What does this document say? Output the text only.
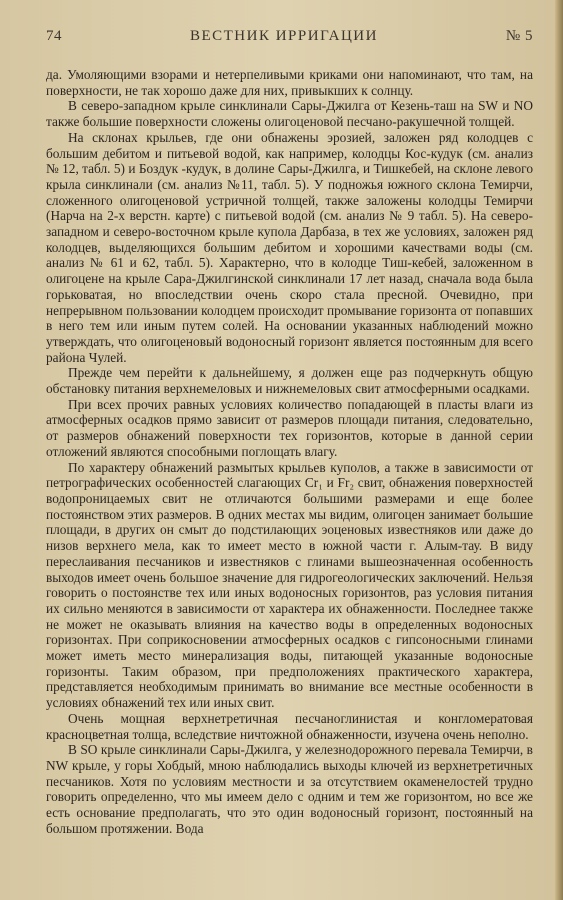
74	ВЕСТНИК ИРРИГАЦИИ	№ 5

да. Умоляющими взорами и нетерпеливыми криками они напоминают, что там, на поверхности, не так хорошо даже для них, привыкших к солнцу.

В северо-западном крыле синклинали Сары-Джилга от Кезень-таш на SW и NO также большие поверхности сложены олигоценовой песчано-ракушечной толщей.

На склонах крыльев, где они обнажены эрозией, заложен ряд колодцев с большим дебитом и питьевой водой, как например, колодцы Кос-кудук (см. анализ № 12, табл. 5) и Боздук -кудук, в долине Сары-Джилга, и Тишкебей, на склоне левого крыла синклинали (см. анализ №11, табл. 5). У подножья южного склона Темирчи, сложенного олигоценовой устричной толщей, также заложены колодцы Темирчи (Нарча на 2-х верстн. карте) с питьевой водой (см. анализ № 9 табл. 5). На северо-западном и северо-восточном крыле купола Дарбаза, в тех же условиях, заложен ряд колодцев, выделяющихся большим дебитом и хорошими качествами воды (см. анализ № 61 и 62, табл. 5). Характерно, что в колодце Тиш-кебей, заложенном в олигоцене на крыле Сара-Джилгинской синклинали 17 лет назад, сначала вода была горьковатая, но впоследствии очень скоро стала пресной. Очевидно, при непрерывном пользовании колодцем происходит промывание горизонта от попавших в него тем или иным путем солей. На основании указанных наблюдений можно утверждать, что олигоценовый водоносный горизонт является постоянным для всего района Чулей.

Прежде чем перейти к дальнейшему, я должен еще раз подчеркнуть общую обстановку питания верхнемеловых и нижнемеловых свит атмосферными осадками.

При всех прочих равных условиях количество попадающей в пласты влаги из атмосферных осадков прямо зависит от размеров площади питания, следовательно, от размеров обнажений поверхности тех горизонтов, которые в данной серии отложений являются способными поглощать влагу.

По характеру обнажений размытых крыльев куполов, а также в зависимости от петрографических особенностей слагающих Cr₁ и Fr₂ свит, обнажения поверхностей водопроницаемых свит не отличаются большими размерами и еще более постоянством этих размеров. В одних местах мы видим, олигоцен занимает большие площади, в других он смыт до подстилающих эоценовых известняков или даже до низов верхнего мела, как то имеет место в южной части г. Алым-тау. В виду переслаивания песчаников и известняков с глинами вышеозначенная особенность выходов имеет очень большое значение для гидрогеологических заключений. Нельзя говорить о постоянстве тех или иных водоносных горизонтов, раз условия питания их сильно меняются в зависимости от характера их обнаженности. Последнее также не может не оказывать влияния на качество воды в определенных водоносных горизонтах. При соприкосновении атмосферных осадков с гипсоносными глинами может иметь место минерализация воды, питающей указанные водоносные горизонты. Таким образом, при предположениях практического характера, представляется необходимым принимать во внимание все местные особенности в условиях обнажений тех или иных свит.

Очень мощная верхнетретичная песчаноглинистая и конгломератовая красноцветная толща, вследствие ничтожной обнаженности, изучена очень неполно.

В SO крыле синклинали Сары-Джилга, у железнодорожного перевала Темирчи, в NW крыле, у горы Хобдый, мною наблюдались выходы ключей из верхнетретичных песчаников. Хотя по условиям местности и за отсутствием окаменелостей трудно говорить определенно, что мы имеем дело с одним и тем же горизонтом, но все же есть основание предполагать, что это один водоносный горизонт, постоянный на большом протяжении. Вода
